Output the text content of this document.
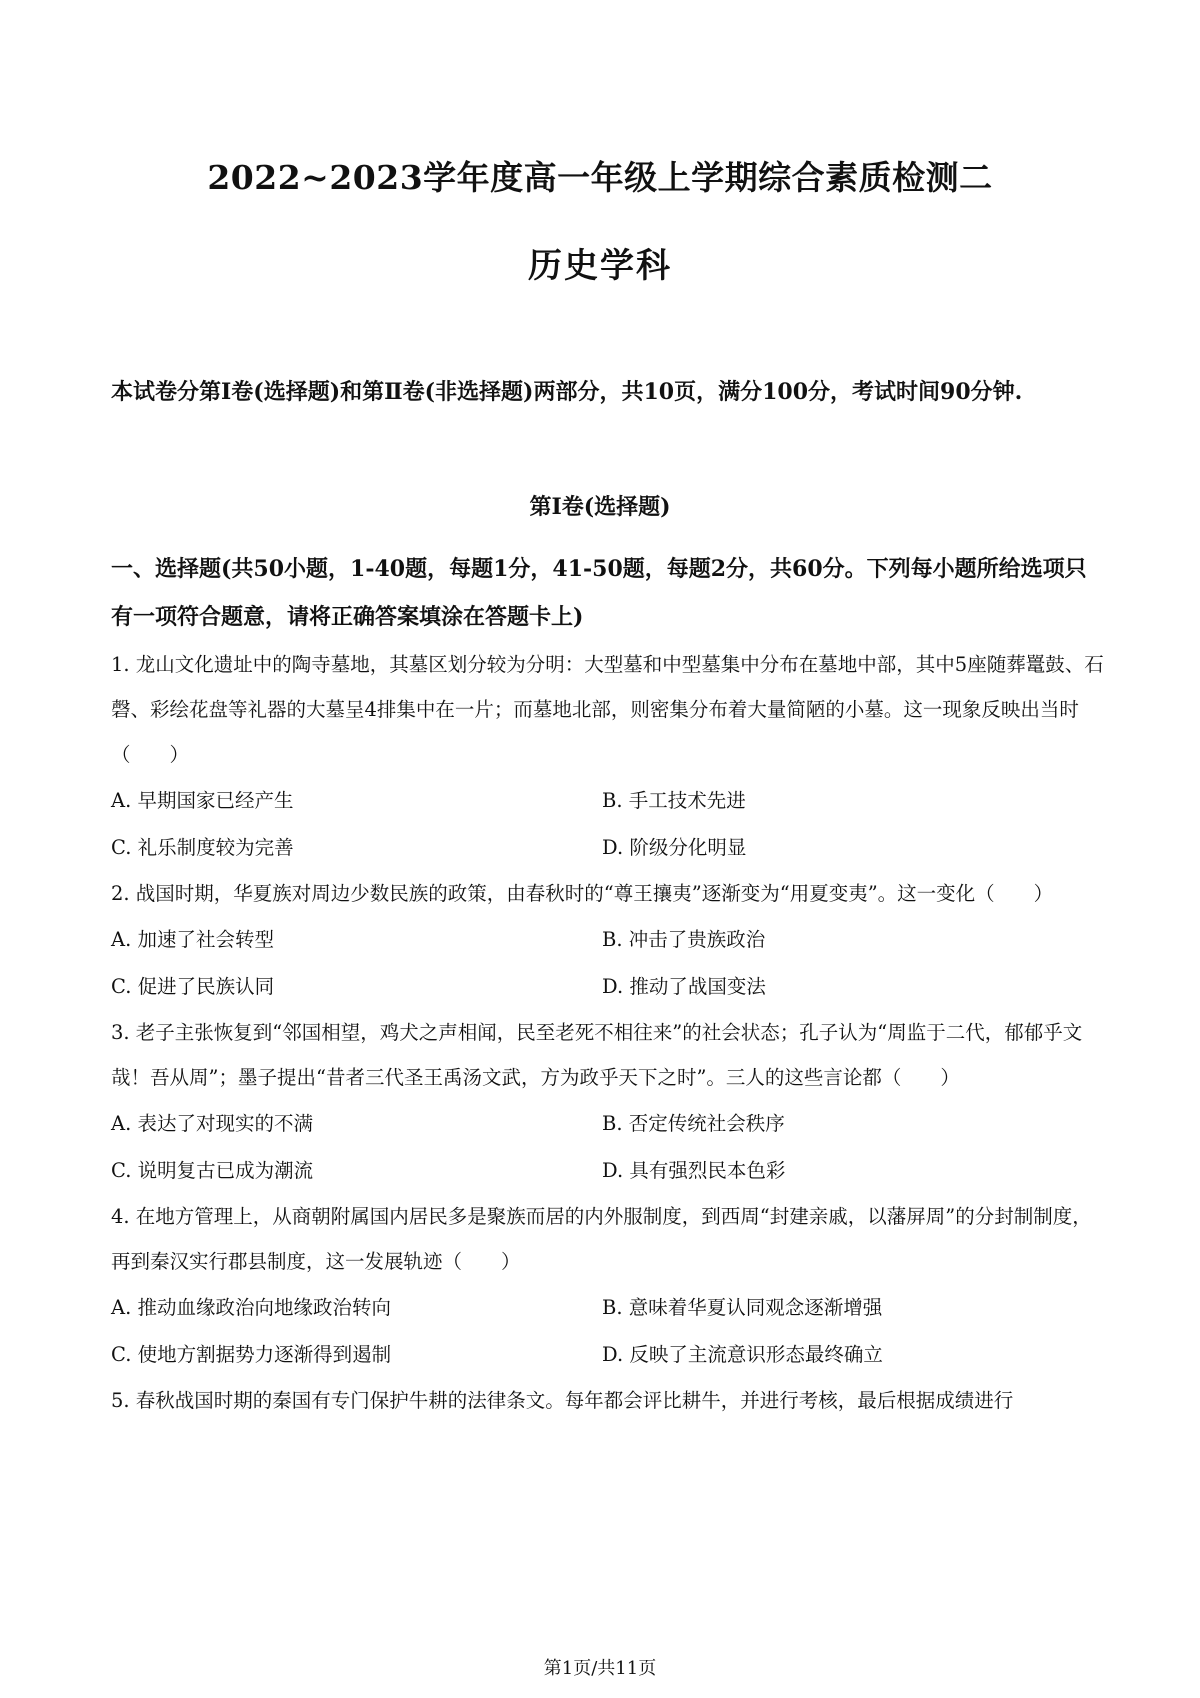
2022~2023学年度高一年级上学期综合素质检测二
历史学科
本试卷分第Ⅰ卷(选择题)和第Ⅱ卷(非选择题)两部分，共10页，满分100分，考试时间90分钟.
第Ⅰ卷(选择题)
一、选择题(共50小题，1-40题，每题1分，41-50题，每题2分，共60分。下列每小题所给选项只有一项符合题意，请将正确答案填涂在答题卡上)

1. 龙山文化遗址中的陶寺墓地，其墓区划分较为分明：大型墓和中型墓集中分布在墓地中部，其中5座随葬鼍鼓、石磬、彩绘花盘等礼器的大墓呈4排集中在一片；而墓地北部，则密集分布着大量简陋的小墓。这一现象反映出当时（　　）

A. 早期国家已经产生	B. 手工技术先进
C. 礼乐制度较为完善	D. 阶级分化明显

2. 战国时期，华夏族对周边少数民族的政策，由春秋时的“尊王攘夷”逐渐变为“用夏变夷”。这一变化（　　）

A. 加速了社会转型	B. 冲击了贵族政治
C. 促进了民族认同	D. 推动了战国变法

3. 老子主张恢复到“邻国相望，鸡犬之声相闻，民至老死不相往来”的社会状态；孔子认为“周监于二代，郁郁乎文哉！吾从周”；墨子提出“昔者三代圣王禹汤文武，方为政乎天下之时”。三人的这些言论都（　　）

A. 表达了对现实的不满	B. 否定传统社会秩序
C. 说明复古已成为潮流	D. 具有强烈民本色彩

4. 在地方管理上，从商朝附属国内居民多是聚族而居的内外服制度，到西周“封建亲戚，以藩屏周”的分封制制度，再到秦汉实行郡县制度，这一发展轨迹（　　）

A. 推动血缘政治向地缘政治转向	B. 意味着华夏认同观念逐渐增强
C. 使地方割据势力逐渐得到遏制	D. 反映了主流意识形态最终确立

5. 春秋战国时期的秦国有专门保护牛耕的法律条文。每年都会评比耕牛，并进行考核，最后根据成绩进行

第1页/共11页
